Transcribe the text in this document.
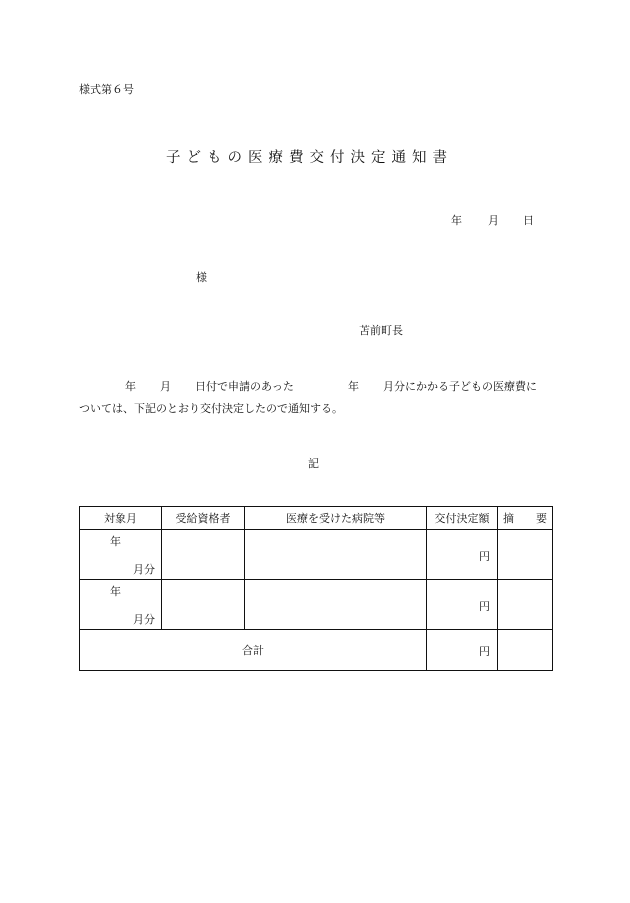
様式第６号
子どもの医療費交付決定通知書
年 月 日
様
苫前町長
年 月 日付で申請のあった	年 月分にかかる子どもの医療費に
ついては、下記のとおり交付決定したので通知する。
記
対象月	受給資格者	医療を受けた病院等	交付決定額	摘　　要

年
月分			円	

年
月分			円	

合計			円	
